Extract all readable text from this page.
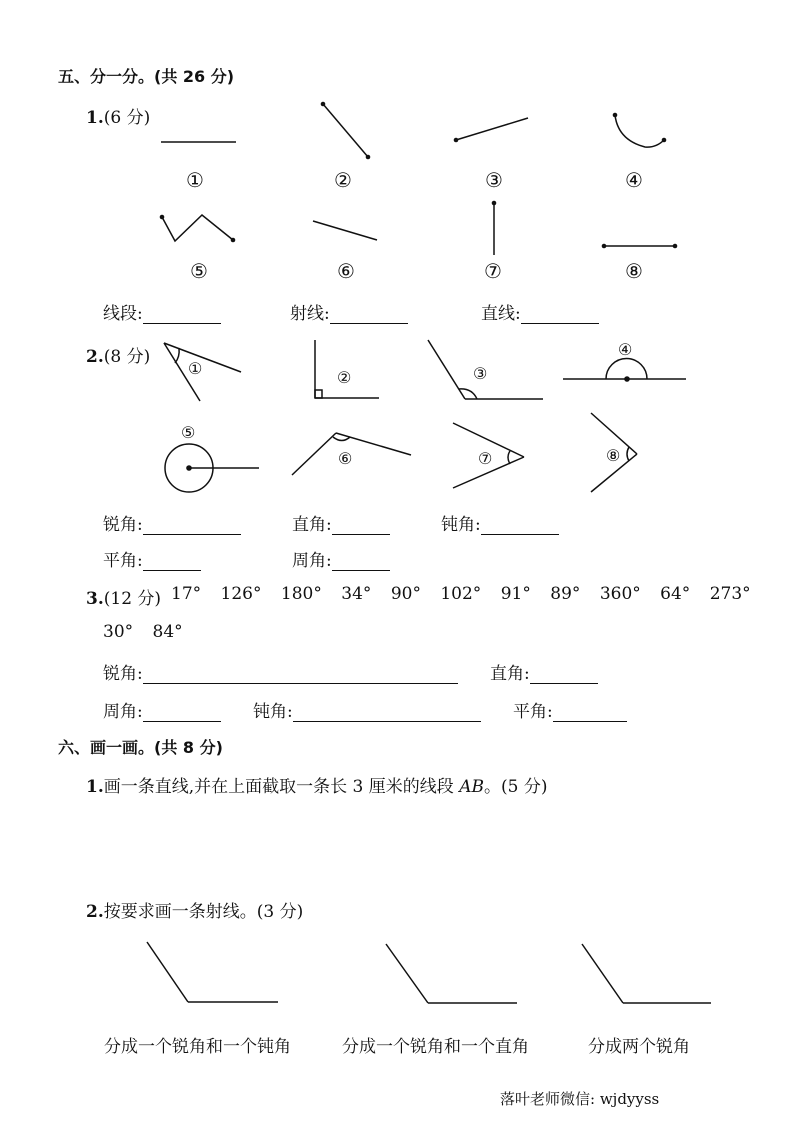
五、分一分。(共 26 分)
1.(6 分)
①	②	③	④
⑤	⑥	⑦	⑧
线段:	射线:	直线:
2.(8 分)
①	②	③
④
⑤
⑥	⑦	⑧
锐角:	直角:	钝角:
平角:	周角:
3.(12 分) 17° 126° 180° 34° 90° 102° 91° 89° 360° 64° 273°
30° 84°
锐角:	直角:
周角:	钝角:	平角:
六、画一画。(共 8 分)
1.画一条直线,并在上面截取一条长 3 厘米的线段 AB。(5 分)
2.按要求画一条射线。(3 分)
分成一个锐角和一个钝角	分成一个锐角和一个直角	分成两个锐角
落叶老师微信: wjdyyss
